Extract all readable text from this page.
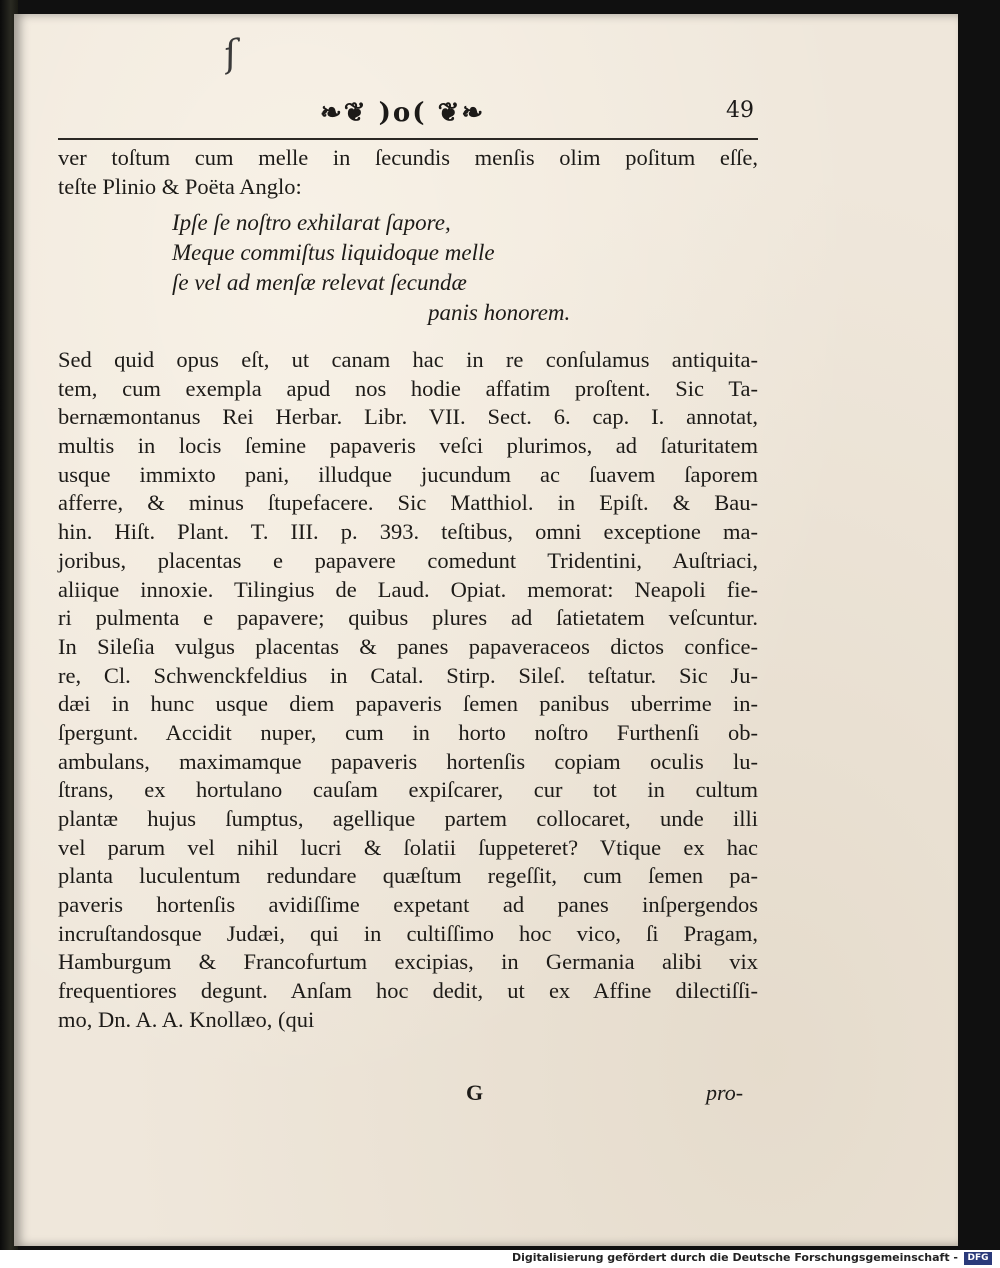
ſ
❧❦ )o( ❦❧	49
ver toſtum cum melle in ſecundis menſis olim poſitum eſſe,
teſte Plinio & Poëta Anglo:
Ipſe ſe noſtro exhilarat ſapore,
Meque commiſtus liquidoque melle
ſe vel ad menſæ relevat ſecundæ
panis honorem.
Sed quid opus eſt, ut canam hac in re conſulamus antiquita-
tem, cum exempla apud nos hodie affatim proſtent. Sic Ta-
bernæmontanus Rei Herbar. Libr. VII. Sect. 6. cap. I. annotat,
multis in locis ſemine papaveris veſci plurimos, ad ſaturitatem
usque immixto pani, illudque jucundum ac ſuavem ſaporem
afferre, & minus ſtupefacere. Sic Matthiol. in Epiſt. & Bau-
hin. Hiſt. Plant. T. III. p. 393. teſtibus, omni exceptione ma-
joribus, placentas e papavere comedunt Tridentini, Auſtriaci,
aliique innoxie. Tilingius de Laud. Opiat. memorat: Neapoli fie-
ri pulmenta e papavere; quibus plures ad ſatietatem veſcuntur.
In Sileſia vulgus placentas & panes papaveraceos dictos confice-
re, Cl. Schwenckfeldius in Catal. Stirp. Sileſ. teſtatur. Sic Ju-
dæi in hunc usque diem papaveris ſemen panibus uberrime in-
ſpergunt. Accidit nuper, cum in horto noſtro Furthenſi ob-
ambulans, maximamque papaveris hortenſis copiam oculis lu-
ſtrans, ex hortulano cauſam expiſcarer, cur tot in cultum
plantæ hujus ſumptus, agellique partem collocaret, unde illi
vel parum vel nihil lucri & ſolatii ſuppeteret? Vtique ex hac
planta luculentum redundare quæſtum regeſſit, cum ſemen pa-
paveris hortenſis avidiſſime expetant ad panes inſpergendos
incruſtandosque Judæi, qui in cultiſſimo hoc vico, ſi Pragam,
Hamburgum & Francofurtum excipias, in Germania alibi vix
frequentiores degunt. Anſam hoc dedit, ut ex Affine dilectiſſi-
mo, Dn. A. A. Knollæo, (qui
G	pro-
Digitalisierung gefördert durch die Deutsche Forschungsgemeinschaft -	DFG
